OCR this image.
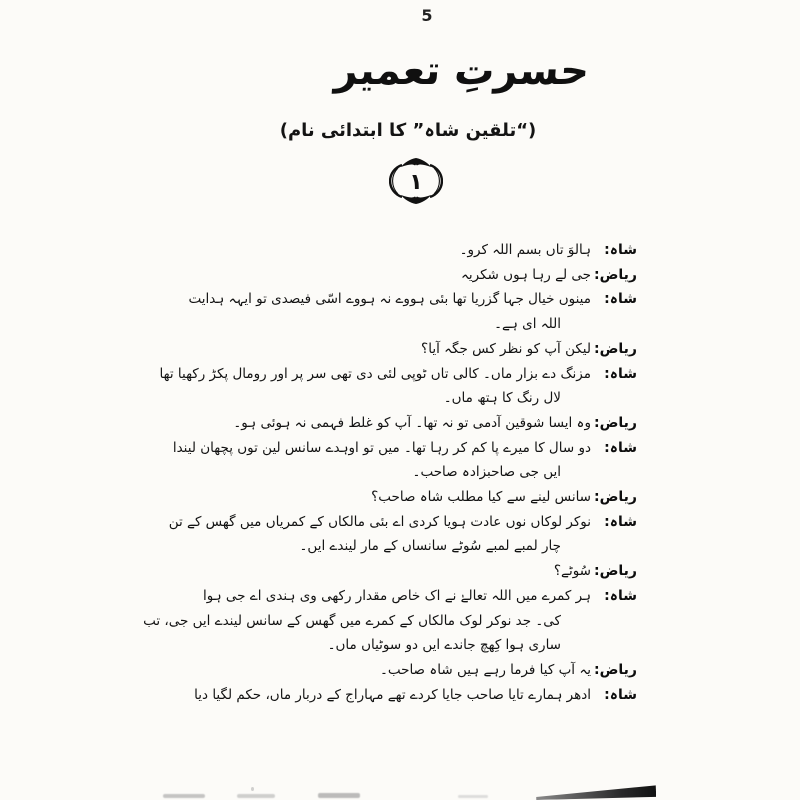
5
حسرتِ تعمیر
(“تلقین شاہ” کا ابتدائی نام)
۱
شاہ:
ہالوَ تاں بسم اللہ کرو۔
ریاض:
جی لے رہا ہوں شکریہ
شاہ:
مینوں خیال جہا گزریا تھا بئی ہووے نہ ہووے اسّی فیصدی تو ایہہ ہدایت
اللہ ای ہے۔
ریاض:
لیکن آپ کو نظر کس جگہ آیا؟
شاہ:
مزنگ دے بزار ماں۔ کالی تاں ٹوپی لئی دی تھی سر پر اور رومال پکڑ رکھیا تھا
لال رنگ کا ہتھ ماں۔
ریاض:
وہ ایسا شوقین آدمی تو نہ تھا۔ آپ کو غلط فہمی نہ ہوئی ہو۔
شاہ:
دو سال کا میرے پا کم کر رہا تھا۔ میں تو اوہدے سانس لین توں پچھان لیندا
ایں جی صاحبزادہ صاحب۔
ریاض:
سانس لینے سے کیا مطلب شاہ صاحب؟
شاہ:
نوکر لوکاں نوں عادت ہویا کردی اے بئی مالکاں کے کمریاں میں گھس کے تن
چار لمبے لمبے سُوٹے سانساں کے مار لیندے ایں۔
ریاض:
سُوٹے؟
شاہ:
ہر کمرے میں اللہ تعالےٰ نے اک خاص مقدار رکھی وی ہندی اے جی ہوا
کی۔ جد نوکر لوک مالکاں کے کمرے میں گھس کے سانس لیندے ایں جی، تب
ساری ہوا کِھچ جاندے ایں دو سوٹیاں ماں۔
ریاض:
یہ آپ کیا فرما رہے ہیں شاہ صاحب۔
شاہ:
ادھر ہمارے تایا صاحب جایا کردے تھے مہاراج کے دربار ماں، حکم لگیا دیا
